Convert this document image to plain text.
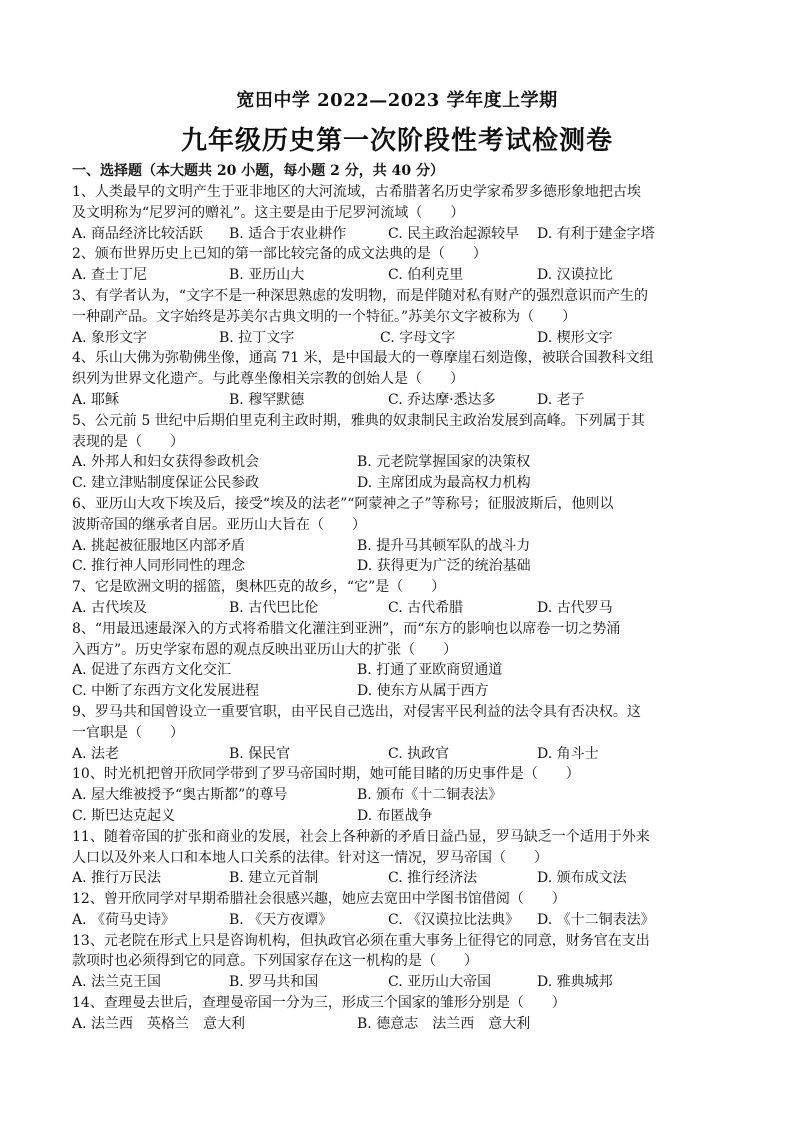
宽田中学 2022—2023 学年度上学期
九年级历史第一次阶段性考试检测卷
一、选择题（本大题共 20 小题，每小题 2 分，共 40 分）
1、人类最早的文明产生于亚非地区的大河流域，古希腊著名历史学家希罗多德形象地把古埃
及文明称为“尼罗河的赠礼”。这主要是由于尼罗河流域（　　）
A. 商品经济比较活跃 B. 适合于农业耕作	C. 民主政治起源较早 D. 有利于建金字塔
2、颁布世界历史上已知的第一部比较完备的成文法典的是（　　）
A. 查士丁尼	B. 亚历山大	C. 伯利克里	D. 汉谟拉比
3、有学者认为，“文字不是一种深思熟虑的发明物，而是伴随对私有财产的强烈意识而产生的
一种副产品。文字始终是苏美尔古典文明的一个特征。”苏美尔文字被称为（　　）
A. 象形文字	B. 拉丁文字	C. 字母文字	D. 楔形文字
4、乐山大佛为弥勒佛坐像，通高 71 米，是中国最大的一尊摩崖石刻造像，被联合国教科文组
织列为世界文化遗产。与此尊坐像相关宗教的创始人是（　　）
A. 耶稣	B. 穆罕默德	C. 乔达摩·悉达多	D. 老子
5、公元前 5 世纪中后期伯里克利主政时期，雅典的奴隶制民主政治发展到高峰。下列属于其
表现的是（　　）
A. 外邦人和妇女获得参政机会	B. 元老院掌握国家的决策权
C. 建立津贴制度保证公民参政	D. 主席团成为最高权力机构
6、亚历山大攻下埃及后，接受“埃及的法老”“阿蒙神之子”等称号；征服波斯后，他则以
波斯帝国的继承者自居。亚历山大旨在（　　）
A. 挑起被征服地区内部矛盾	B. 提升马其顿军队的战斗力
C. 推行神人同形同性的理念	D. 获得更为广泛的统治基础
7、它是欧洲文明的摇篮，奥林匹克的故乡，“它”是（　　）
A. 古代埃及	B. 古代巴比伦	C. 古代希腊	D. 古代罗马
8、“用最迅速最深入的方式将希腊文化灌注到亚洲”，而“东方的影响也以席卷一切之势涌
入西方”。历史学家布恩的观点反映出亚历山大的扩张（　　）
A. 促进了东西方文化交汇	B. 打通了亚欧商贸通道
C. 中断了东西方文化发展进程	D. 使东方从属于西方
9、罗马共和国曾设立一重要官职，由平民自己选出，对侵害平民利益的法令具有否决权。这
一官职是（　　）
A. 法老	B. 保民官	C. 执政官	D. 角斗士
10、时光机把曾开欣同学带到了罗马帝国时期，她可能目睹的历史事件是（　　）
A. 屋大维被授予“奥古斯都”的尊号	B. 颁布《十二铜表法》
C. 斯巴达克起义	D. 布匿战争
11、随着帝国的扩张和商业的发展，社会上各种新的矛盾日益凸显，罗马缺乏一个适用于外来
人口以及外来人口和本地人口关系的法律。针对这一情况，罗马帝国（　　）
A. 推行万民法	B. 建立元首制	C. 推行经济法	D. 颁布成文法
12、曾开欣同学对早期希腊社会很感兴趣，她应去宽田中学图书馆借阅（　　）
A. 《荷马史诗》	B. 《天方夜谭》	C. 《汉谟拉比法典》 D. 《十二铜表法》
13、元老院在形式上只是咨询机构，但执政官必须在重大事务上征得它的同意，财务官在支出
款项时也必须得到它的同意。下列国家存在这一机构的是（　　）
A. 法兰克王国	B. 罗马共和国	C. 亚历山大帝国	D. 雅典城邦
14、查理曼去世后，查理曼帝国一分为三，形成三个国家的雏形分别是（　　）
A. 法兰西　英格兰　意大利	B. 德意志　法兰西　意大利
